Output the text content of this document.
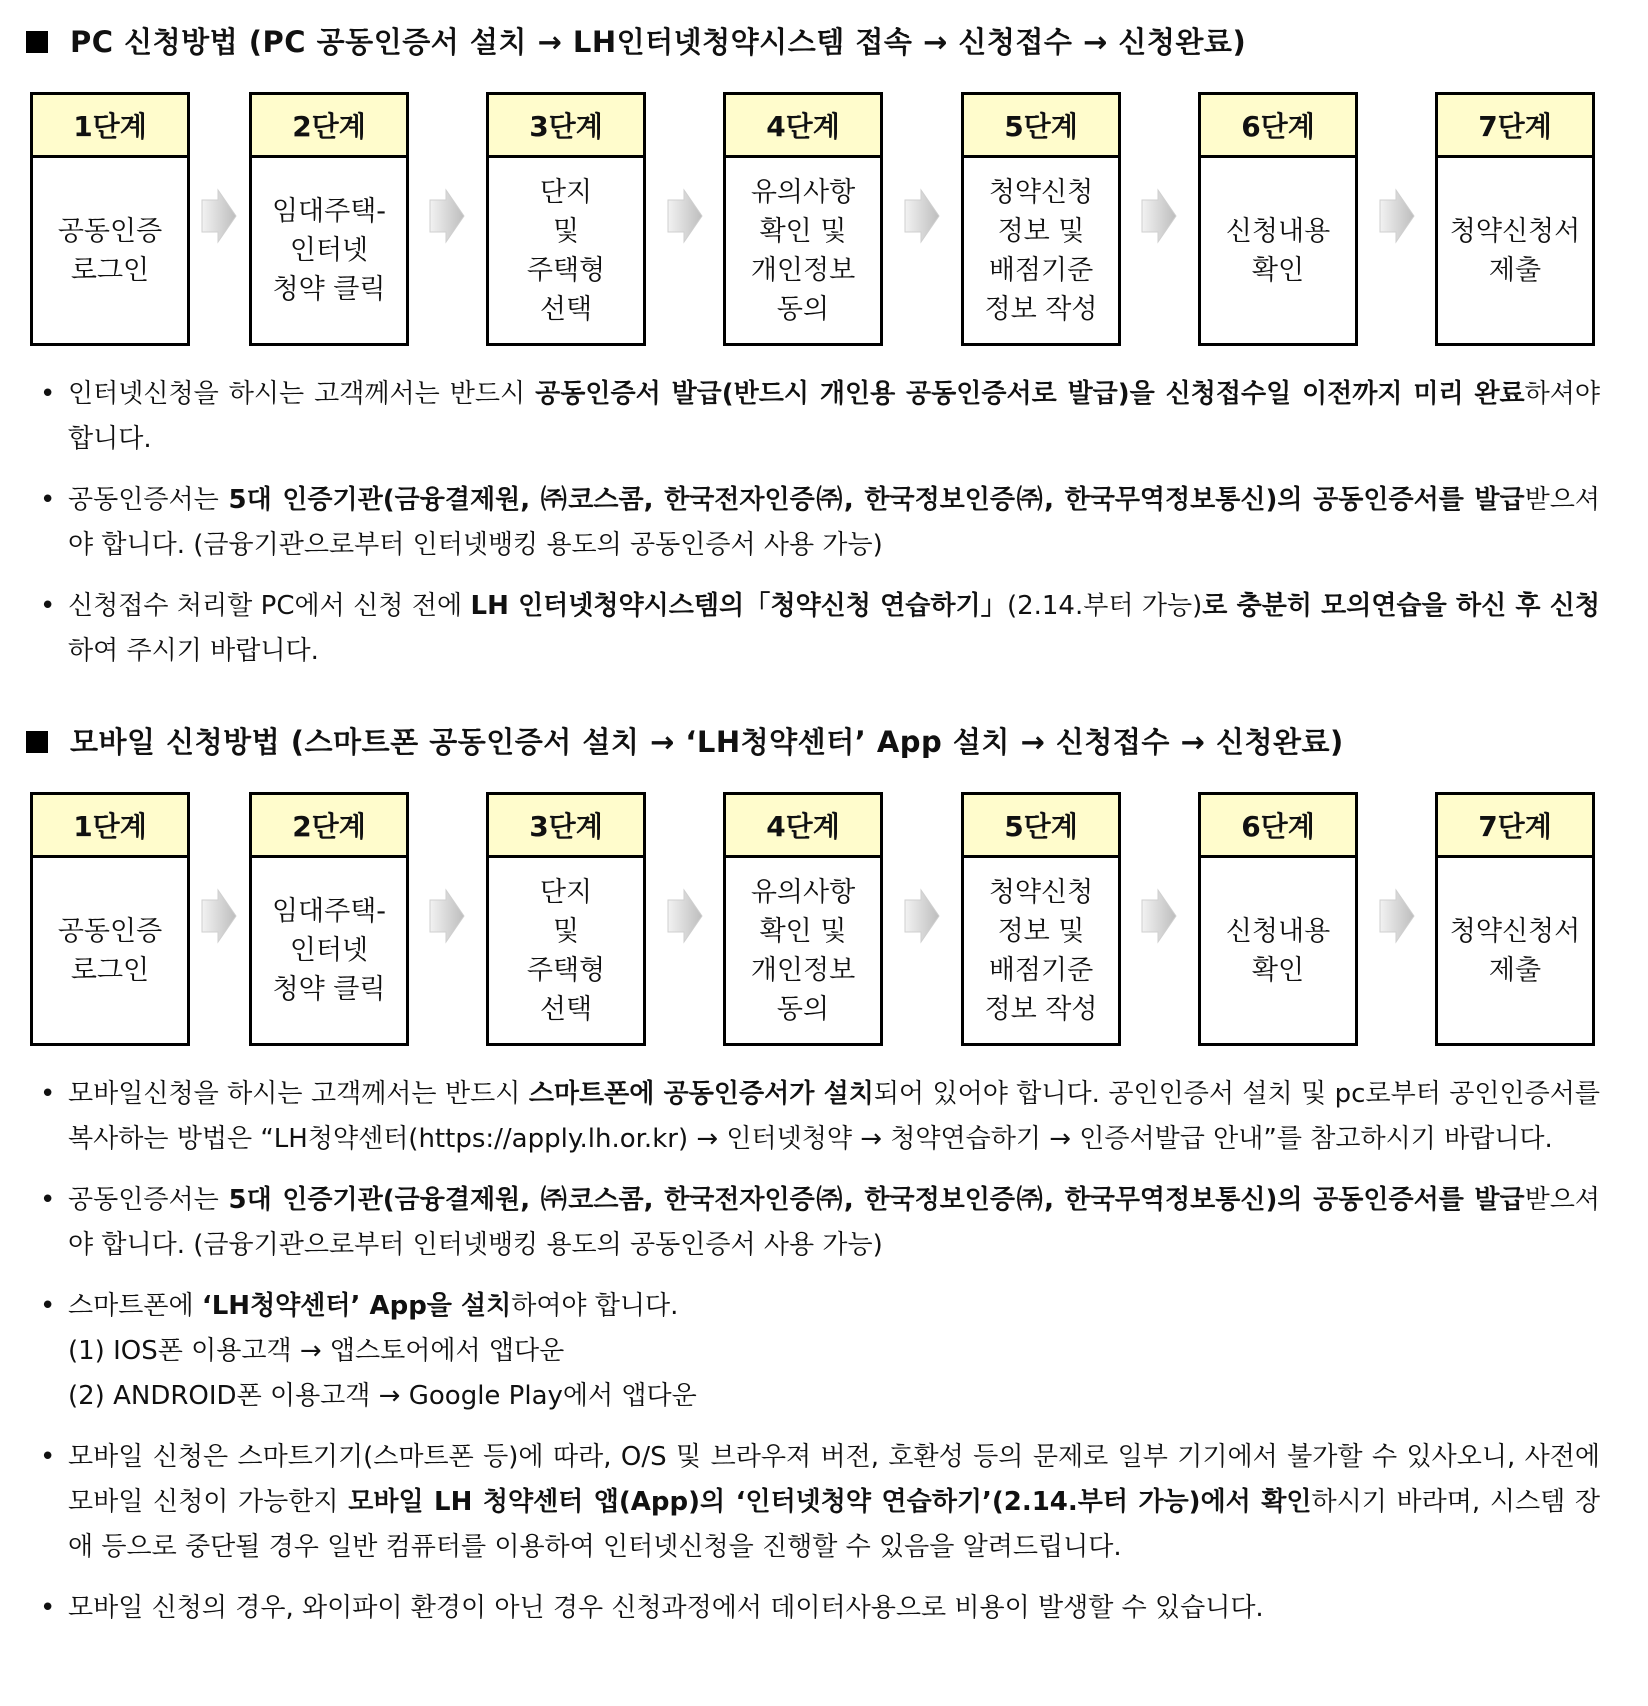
PC 신청방법 (PC 공동인증서 설치 → LH인터넷청약시스템 접속 → 신청접수 → 신청완료)
1단계
공동인증
로그인
2단계
임대주택-
인터넷
청약 클릭
3단계
단지
및
주택형
선택
4단계
유의사항
확인 및
개인정보
동의
5단계
청약신청
정보 및
배점기준
정보 작성
6단계
신청내용
확인
7단계
청약신청서
제출
• 인터넷신청을 하시는 고객께서는 반드시 공동인증서 발급(반드시 개인용 공동인증서로 발급)을 신청접수일 이전까지 미리 완료하셔야 합니다.
• 공동인증서는 5대 인증기관(금융결제원, ㈜코스콤, 한국전자인증㈜, 한국정보인증㈜, 한국무역정보통신)의 공동인증서를 발급받으셔야 합니다. (금융기관으로부터 인터넷뱅킹 용도의 공동인증서 사용 가능)
• 신청접수 처리할 PC에서 신청 전에 LH 인터넷청약시스템의「청약신청 연습하기」(2.14.부터 가능)로 충분히 모의연습을 하신 후 신청하여 주시기 바랍니다.
모바일 신청방법 (스마트폰 공동인증서 설치 → ‘LH청약센터’ App 설치 → 신청접수 → 신청완료)
1단계
공동인증
로그인
2단계
임대주택-
인터넷
청약 클릭
3단계
단지
및
주택형
선택
4단계
유의사항
확인 및
개인정보
동의
5단계
청약신청
정보 및
배점기준
정보 작성
6단계
신청내용
확인
7단계
청약신청서
제출
• 모바일신청을 하시는 고객께서는 반드시 스마트폰에 공동인증서가 설치되어 있어야 합니다. 공인인증서 설치 및 pc로부터 공인인증서를 복사하는 방법은 “LH청약센터(https://apply.lh.or.kr) → 인터넷청약 → 청약연습하기 → 인증서발급 안내”를 참고하시기 바랍니다.
• 공동인증서는 5대 인증기관(금융결제원, ㈜코스콤, 한국전자인증㈜, 한국정보인증㈜, 한국무역정보통신)의 공동인증서를 발급받으셔야 합니다. (금융기관으로부터 인터넷뱅킹 용도의 공동인증서 사용 가능)
• 스마트폰에 ‘LH청약센터’ App을 설치하여야 합니다.
(1) IOS폰 이용고객 → 앱스토어에서 앱다운
(2) ANDROID폰 이용고객 → Google Play에서 앱다운
• 모바일 신청은 스마트기기(스마트폰 등)에 따라, O/S 및 브라우져 버전, 호환성 등의 문제로 일부 기기에서 불가할 수 있사오니, 사전에 모바일 신청이 가능한지 모바일 LH 청약센터 앱(App)의 ‘인터넷청약 연습하기’(2.14.부터 가능)에서 확인하시기 바라며, 시스템 장애 등으로 중단될 경우 일반 컴퓨터를 이용하여 인터넷신청을 진행할 수 있음을 알려드립니다.
• 모바일 신청의 경우, 와이파이 환경이 아닌 경우 신청과정에서 데이터사용으로 비용이 발생할 수 있습니다.
